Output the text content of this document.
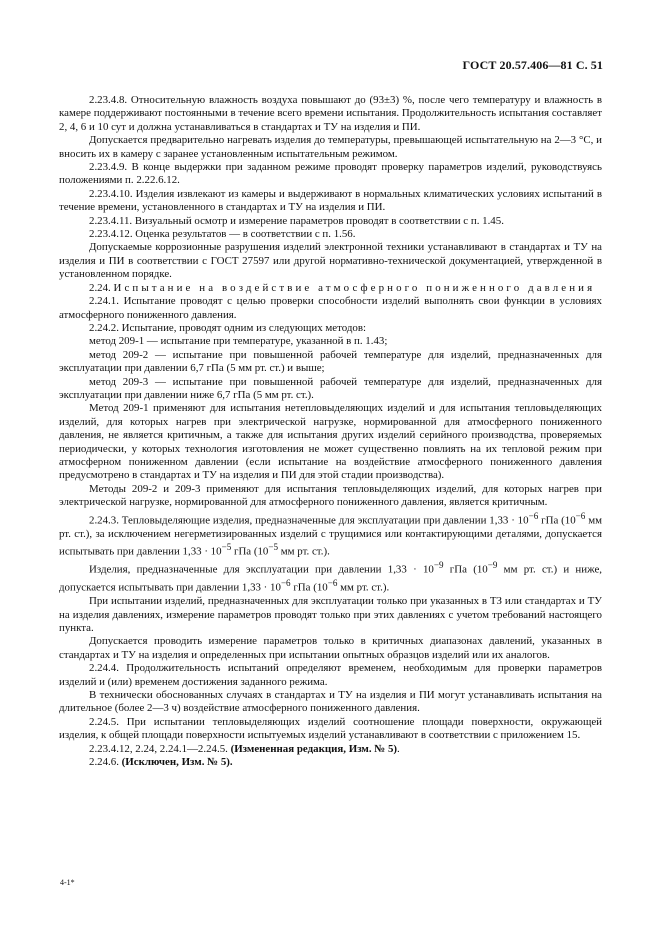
ГОСТ 20.57.406—81 С. 51

2.23.4.8. Относительную влажность воздуха повышают до (93±3) %, после чего температуру и влажность в камере поддерживают постоянными в течение всего времени испытания. Продолжительность испытания составляет 2, 4, 6 и 10 сут и должна устанавливаться в стандартах и ТУ на изделия и ПИ.

Допускается предварительно нагревать изделия до температуры, превышающей испытательную на 2—3 °С, и вносить их в камеру с заранее установленным испытательным режимом.

2.23.4.9. В конце выдержки при заданном режиме проводят проверку параметров изделий, руководствуясь положениями п. 2.22.6.12.

2.23.4.10. Изделия извлекают из камеры и выдерживают в нормальных климатических условиях испытаний в течение времени, установленного в стандартах и ТУ на изделия и ПИ.

2.23.4.11. Визуальный осмотр и измерение параметров проводят в соответствии с п. 1.45.

2.23.4.12. Оценка результатов — в соответствии с п. 1.56.

Допускаемые коррозионные разрушения изделий электронной техники устанавливают в стандартах и ТУ на изделия и ПИ в соответствии с ГОСТ 27597 или другой нормативно-технической документацией, утвержденной в установленном порядке.

2.24. Испытание на воздействие атмосферного пониженного давления

2.24.1. Испытание проводят с целью проверки способности изделий выполнять свои функции в условиях атмосферного пониженного давления.

2.24.2. Испытание, проводят одним из следующих методов:

метод 209-1 — испытание при температуре, указанной в п. 1.43;

метод 209-2 — испытание при повышенной рабочей температуре для изделий, предназначенных для эксплуатации при давлении 6,7 гПа (5 мм рт. ст.) и выше;

метод 209-3 — испытание при повышенной рабочей температуре для изделий, предназначенных для эксплуатации при давлении ниже 6,7 гПа (5 мм рт. ст.).

Метод 209-1 применяют для испытания нетепловыделяющих изделий и для испытания тепловыделяющих изделий, для которых нагрев при электрической нагрузке, нормированной для атмосферного пониженного давления, не является критичным, а также для испытания других изделий серийного производства, проверяемых периодически, у которых технология изготовления не может существенно повлиять на их тепловой режим при атмосферном пониженном давлении (если испытание на воздействие атмосферного пониженного давления предусмотрено в стандартах и ТУ на изделия и ПИ для этой стадии производства).

Методы 209-2 и 209-3 применяют для испытания тепловыделяющих изделий, для которых нагрев при электрической нагрузке, нормированной для атмосферного пониженного давления, является критичным.

2.24.3. Тепловыделяющие изделия, предназначенные для эксплуатации при давлении $1,33 \cdot 10^{-6}$ гПа ($10^{-6}$ мм рт. ст.), за исключением негерметизированных изделий с трущимися или контактирующими деталями, допускается испытывать при давлении $1,33 \cdot 10^{-5}$ гПа ($10^{-5}$ мм рт. ст.).

Изделия, предназначенные для эксплуатации при давлении $1,33 \cdot 10^{-9}$ гПа ($10^{-9}$ мм рт. ст.) и ниже, допускается испытывать при давлении $1,33 \cdot 10^{-6}$ гПа ($10^{-6}$ мм рт. ст.).

При испытании изделий, предназначенных для эксплуатации только при указанных в ТЗ или стандартах и ТУ на изделия давлениях, измерение параметров проводят только при этих давлениях с учетом требований настоящего пункта.

Допускается проводить измерение параметров только в критичных диапазонах давлений, указанных в стандартах и ТУ на изделия и определенных при испытании опытных образцов изделий или их аналогов.

2.24.4. Продолжительность испытаний определяют временем, необходимым для проверки параметров изделий и (или) временем достижения заданного режима.

В технически обоснованных случаях в стандартах и ТУ на изделия и ПИ могут устанавливать испытания на длительное (более 2—3 ч) воздействие атмосферного пониженного давления.

2.24.5. При испытании тепловыделяющих изделий соотношение площади поверхности, окружающей изделия, к общей площади поверхности испытуемых изделий устанавливают в соответствии с приложением 15.

2.23.4.12, 2.24, 2.24.1—2.24.5. (Измененная редакция, Изм. № 5).

2.24.6. (Исключен, Изм. № 5).

4-1*
